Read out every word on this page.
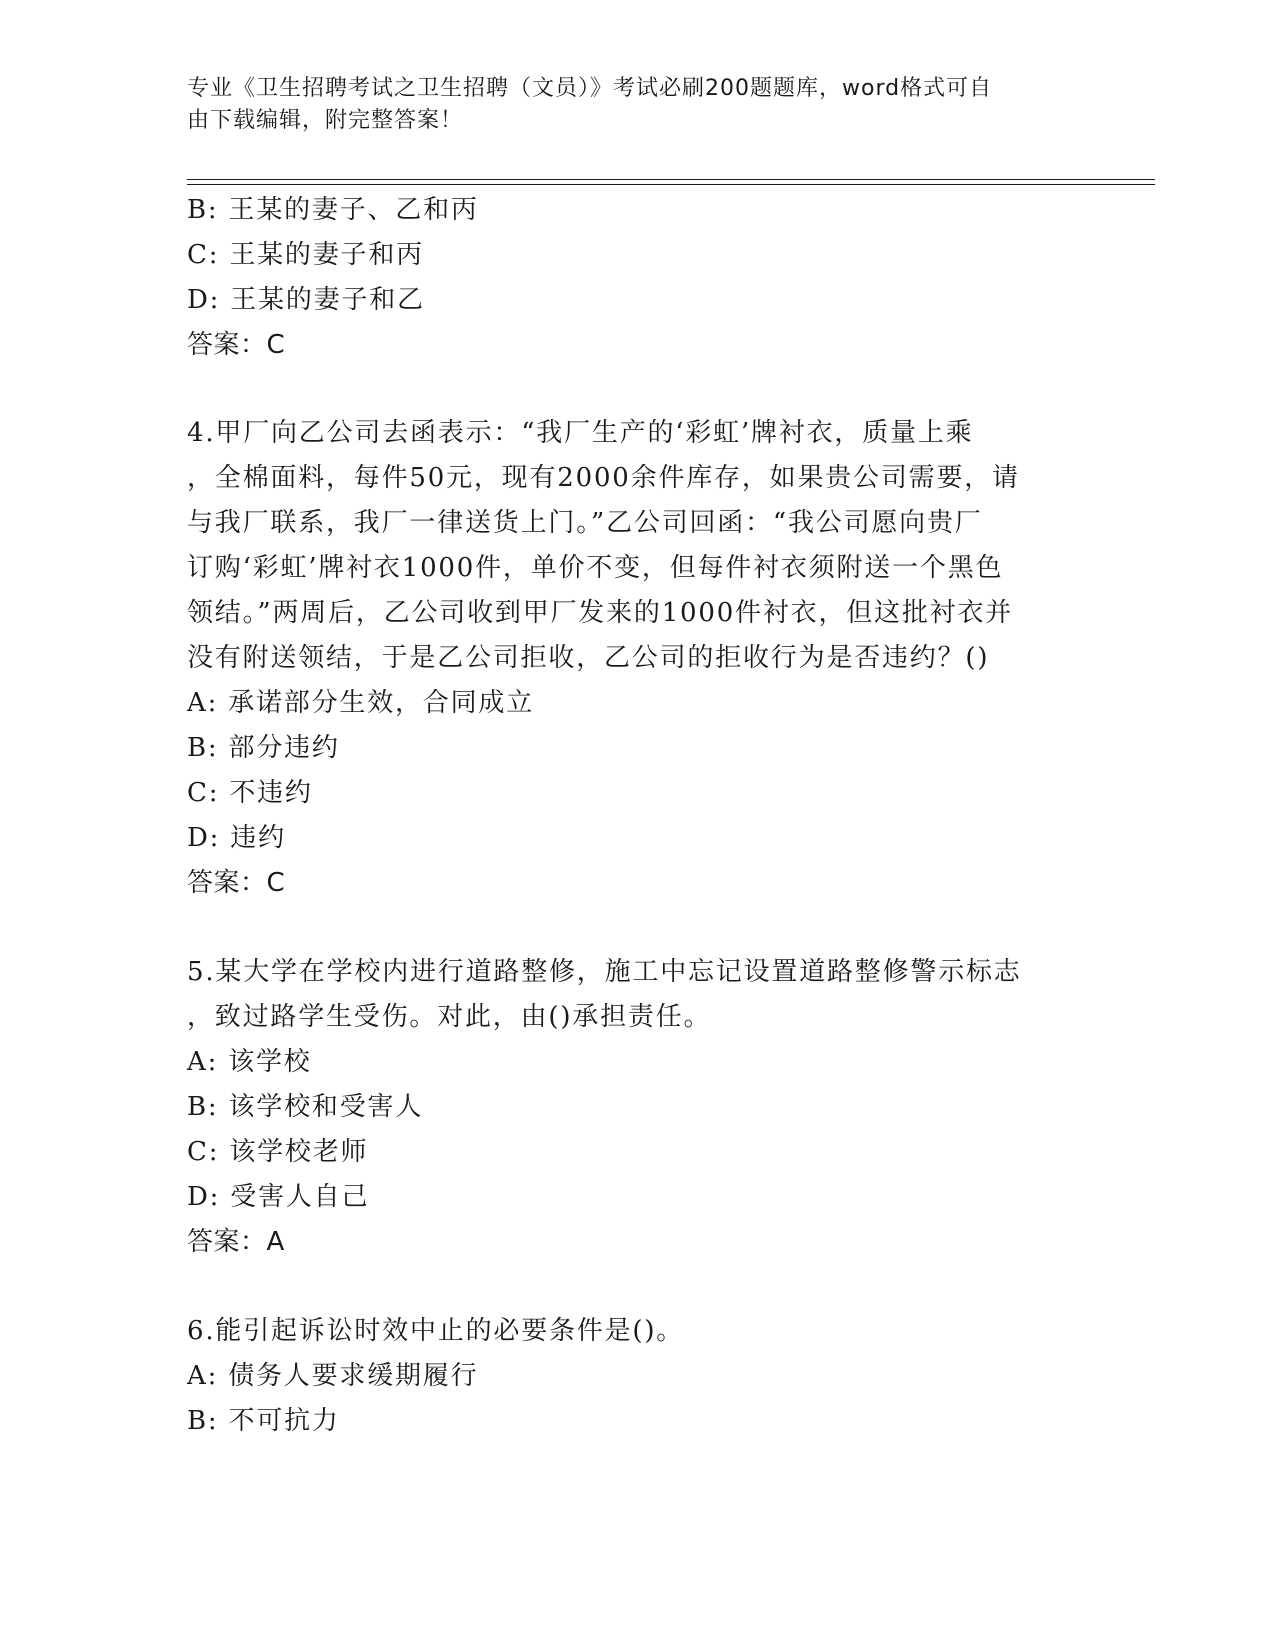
专业《卫生招聘考试之卫生招聘（文员）》考试必刷200题题库，word格式可自
由下载编辑，附完整答案！
B: 王某的妻子、乙和丙
C: 王某的妻子和丙
D: 王某的妻子和乙
答案：C
4.甲厂向乙公司去函表示：“我厂生产的‘彩虹’牌衬衣，质量上乘
，全棉面料，每件50元，现有2000余件库存，如果贵公司需要，请
与我厂联系，我厂一律送货上门。”乙公司回函：“我公司愿向贵厂
订购‘彩虹’牌衬衣1000件，单价不变，但每件衬衣须附送一个黑色
领结。”两周后，乙公司收到甲厂发来的1000件衬衣，但这批衬衣并
没有附送领结，于是乙公司拒收，乙公司的拒收行为是否违约？()
A: 承诺部分生效，合同成立
B: 部分违约
C: 不违约
D: 违约
答案：C
5.某大学在学校内进行道路整修，施工中忘记设置道路整修警示标志
，致过路学生受伤。对此，由()承担责任。
A: 该学校
B: 该学校和受害人
C: 该学校老师
D: 受害人自己
答案：A
6.能引起诉讼时效中止的必要条件是()。
A: 债务人要求缓期履行
B: 不可抗力
